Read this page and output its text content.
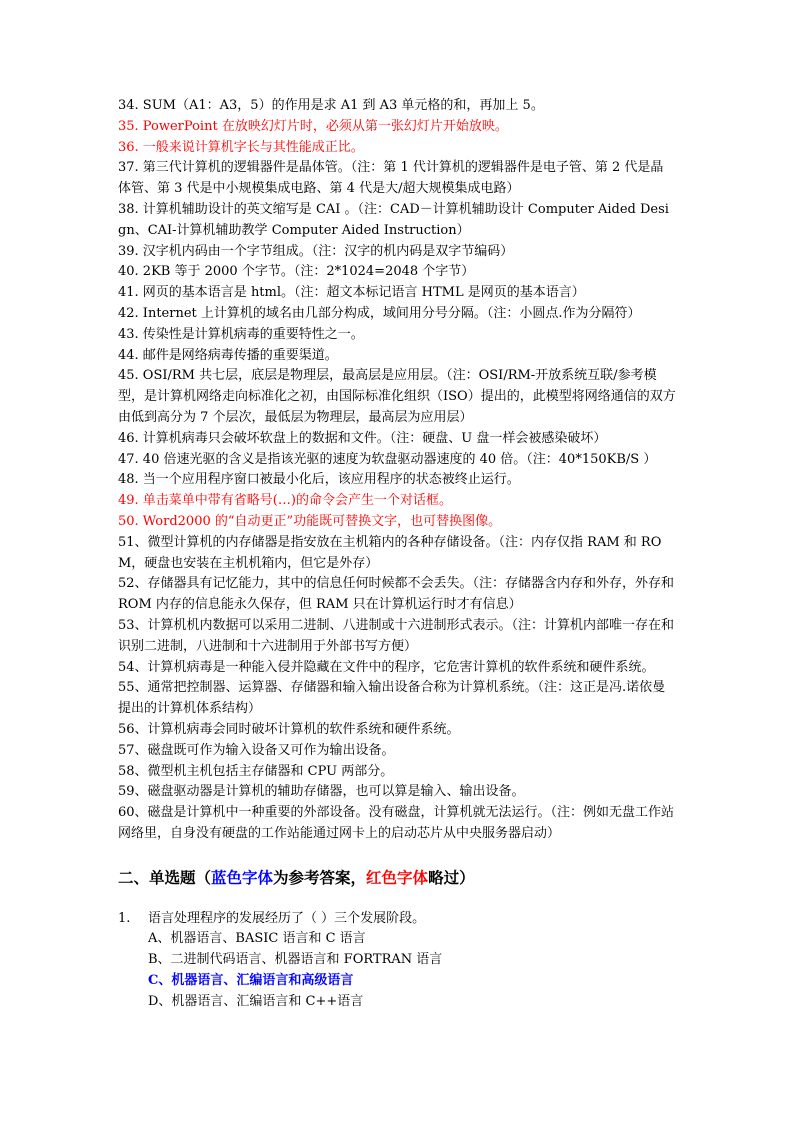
34. SUM（A1：A3，5）的作用是求 A1 到 A3 单元格的和，再加上 5。

35. PowerPoint 在放映幻灯片时，必须从第一张幻灯片开始放映。

36. 一般来说计算机字长与其性能成正比。

37. 第三代计算机的逻辑器件是晶体管。（注：第 1 代计算机的逻辑器件是电子管、第 2 代是晶体管、第 3 代是中小规模集成电路、第 4 代是大/超大规模集成电路）

38. 计算机辅助设计的英文缩写是 CAI 。（注：CAD－计算机辅助设计 Computer Aided Design、CAI-计算机辅助教学 Computer Aided Instruction）

39. 汉字机内码由一个字节组成。（注：汉字的机内码是双字节编码）

40. 2KB 等于 2000 个字节。（注：2*1024=2048 个字节）

41. 网页的基本语言是 html。（注：超文本标记语言 HTML 是网页的基本语言）

42. Internet 上计算机的域名由几部分构成，域间用分号分隔。（注：小圆点.作为分隔符）

43. 传染性是计算机病毒的重要特性之一。

44. 邮件是网络病毒传播的重要渠道。

45. OSI/RM 共七层，底层是物理层，最高层是应用层。（注：OSI/RM-开放系统互联/参考模型，是计算机网络走向标准化之初，由国际标准化组织（ISO）提出的，此模型将网络通信的双方由低到高分为 7 个层次，最低层为物理层，最高层为应用层）

46. 计算机病毒只会破坏软盘上的数据和文件。（注：硬盘、U 盘一样会被感染破坏）

47. 40 倍速光驱的含义是指该光驱的速度为软盘驱动器速度的 40 倍。（注：40*150KB/S ）

48. 当一个应用程序窗口被最小化后，该应用程序的状态被终止运行。

49. 单击菜单中带有省略号(…)的命令会产生一个对话框。

50. Word2000 的“自动更正”功能既可替换文字，也可替换图像。

51、微型计算机的内存储器是指安放在主机箱内的各种存储设备。（注：内存仅指 RAM 和 ROM，硬盘也安装在主机机箱内，但它是外存）

52、存储器具有记忆能力，其中的信息任何时候都不会丢失。（注：存储器含内存和外存，外存和 ROM 内存的信息能永久保存，但 RAM 只在计算机运行时才有信息）

53、计算机机内数据可以采用二进制、八进制或十六进制形式表示。（注：计算机内部唯一存在和识别二进制，八进制和十六进制用于外部书写方便）

54、计算机病毒是一种能入侵并隐藏在文件中的程序，它危害计算机的软件系统和硬件系统。

55、通常把控制器、运算器、存储器和输入输出设备合称为计算机系统。（注：这正是冯.诺依曼提出的计算机体系结构）

56、计算机病毒会同时破坏计算机的软件系统和硬件系统。

57、磁盘既可作为输入设备又可作为输出设备。

58、微型机主机包括主存储器和 CPU 两部分。

59、磁盘驱动器是计算机的辅助存储器，也可以算是输入、输出设备。

60、磁盘是计算机中一种重要的外部设备。没有磁盘，计算机就无法运行。（注：例如无盘工作站网络里，自身没有硬盘的工作站能通过网卡上的启动芯片从中央服务器启动）

二、单选题（蓝色字体为参考答案，红色字体略过）
1.	语言处理程序的发展经历了（ ）三个发展阶段。
A、机器语言、BASIC 语言和 C 语言
B、二进制代码语言、机器语言和 FORTRAN 语言
C、机器语言、汇编语言和高级语言
D、机器语言、汇编语言和 C++语言
